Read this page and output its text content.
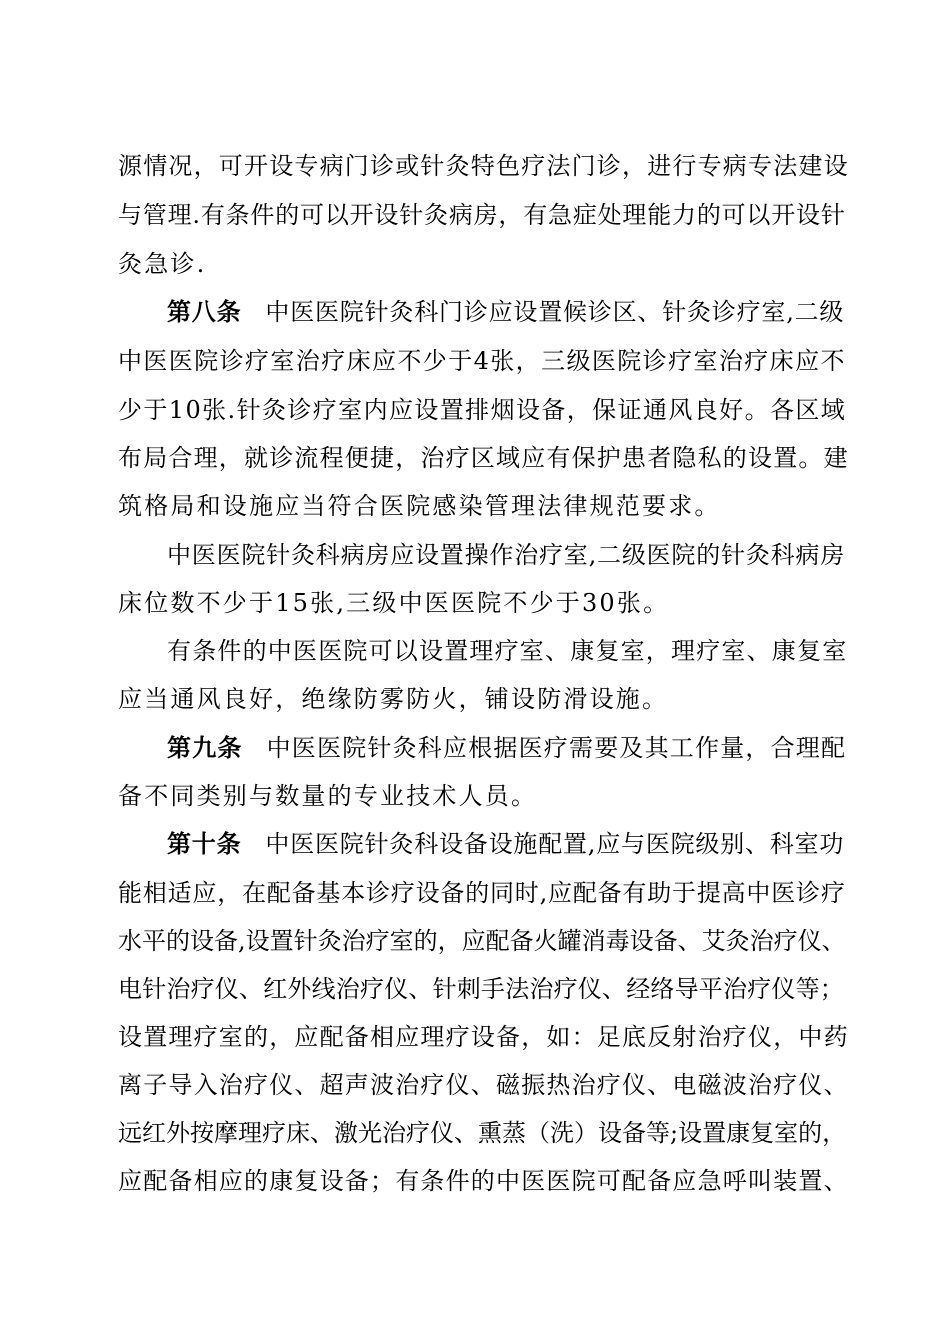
源情况，可开设专病门诊或针灸特色疗法门诊，进行专病专法建设
与管理.有条件的可以开设针灸病房，有急症处理能力的可以开设针
灸急诊.
第八条 中医医院针灸科门诊应设置候诊区、针灸诊疗室,二级
中医医院诊疗室治疗床应不少于4张，三级医院诊疗室治疗床应不
少于10张.针灸诊疗室内应设置排烟设备，保证通风良好。各区域
布局合理，就诊流程便捷，治疗区域应有保护患者隐私的设置。建
筑格局和设施应当符合医院感染管理法律规范要求。
中医医院针灸科病房应设置操作治疗室,二级医院的针灸科病房
床位数不少于15张,三级中医医院不少于30张。
有条件的中医医院可以设置理疗室、康复室，理疗室、康复室
应当通风良好，绝缘防雾防火，铺设防滑设施。
第九条 中医医院针灸科应根据医疗需要及其工作量，合理配
备不同类别与数量的专业技术人员。
第十条 中医医院针灸科设备设施配置,应与医院级别、科室功
能相适应，在配备基本诊疗设备的同时,应配备有助于提高中医诊疗
水平的设备,设置针灸治疗室的，应配备火罐消毒设备、艾灸治疗仪、
电针治疗仪、红外线治疗仪、针刺手法治疗仪、经络导平治疗仪等；
设置理疗室的，应配备相应理疗设备，如：足底反射治疗仪，中药
离子导入治疗仪、超声波治疗仪、磁振热治疗仪、电磁波治疗仪、
远红外按摩理疗床、激光治疗仪、熏蒸（洗）设备等;设置康复室的，
应配备相应的康复设备；有条件的中医医院可配备应急呼叫装置、
